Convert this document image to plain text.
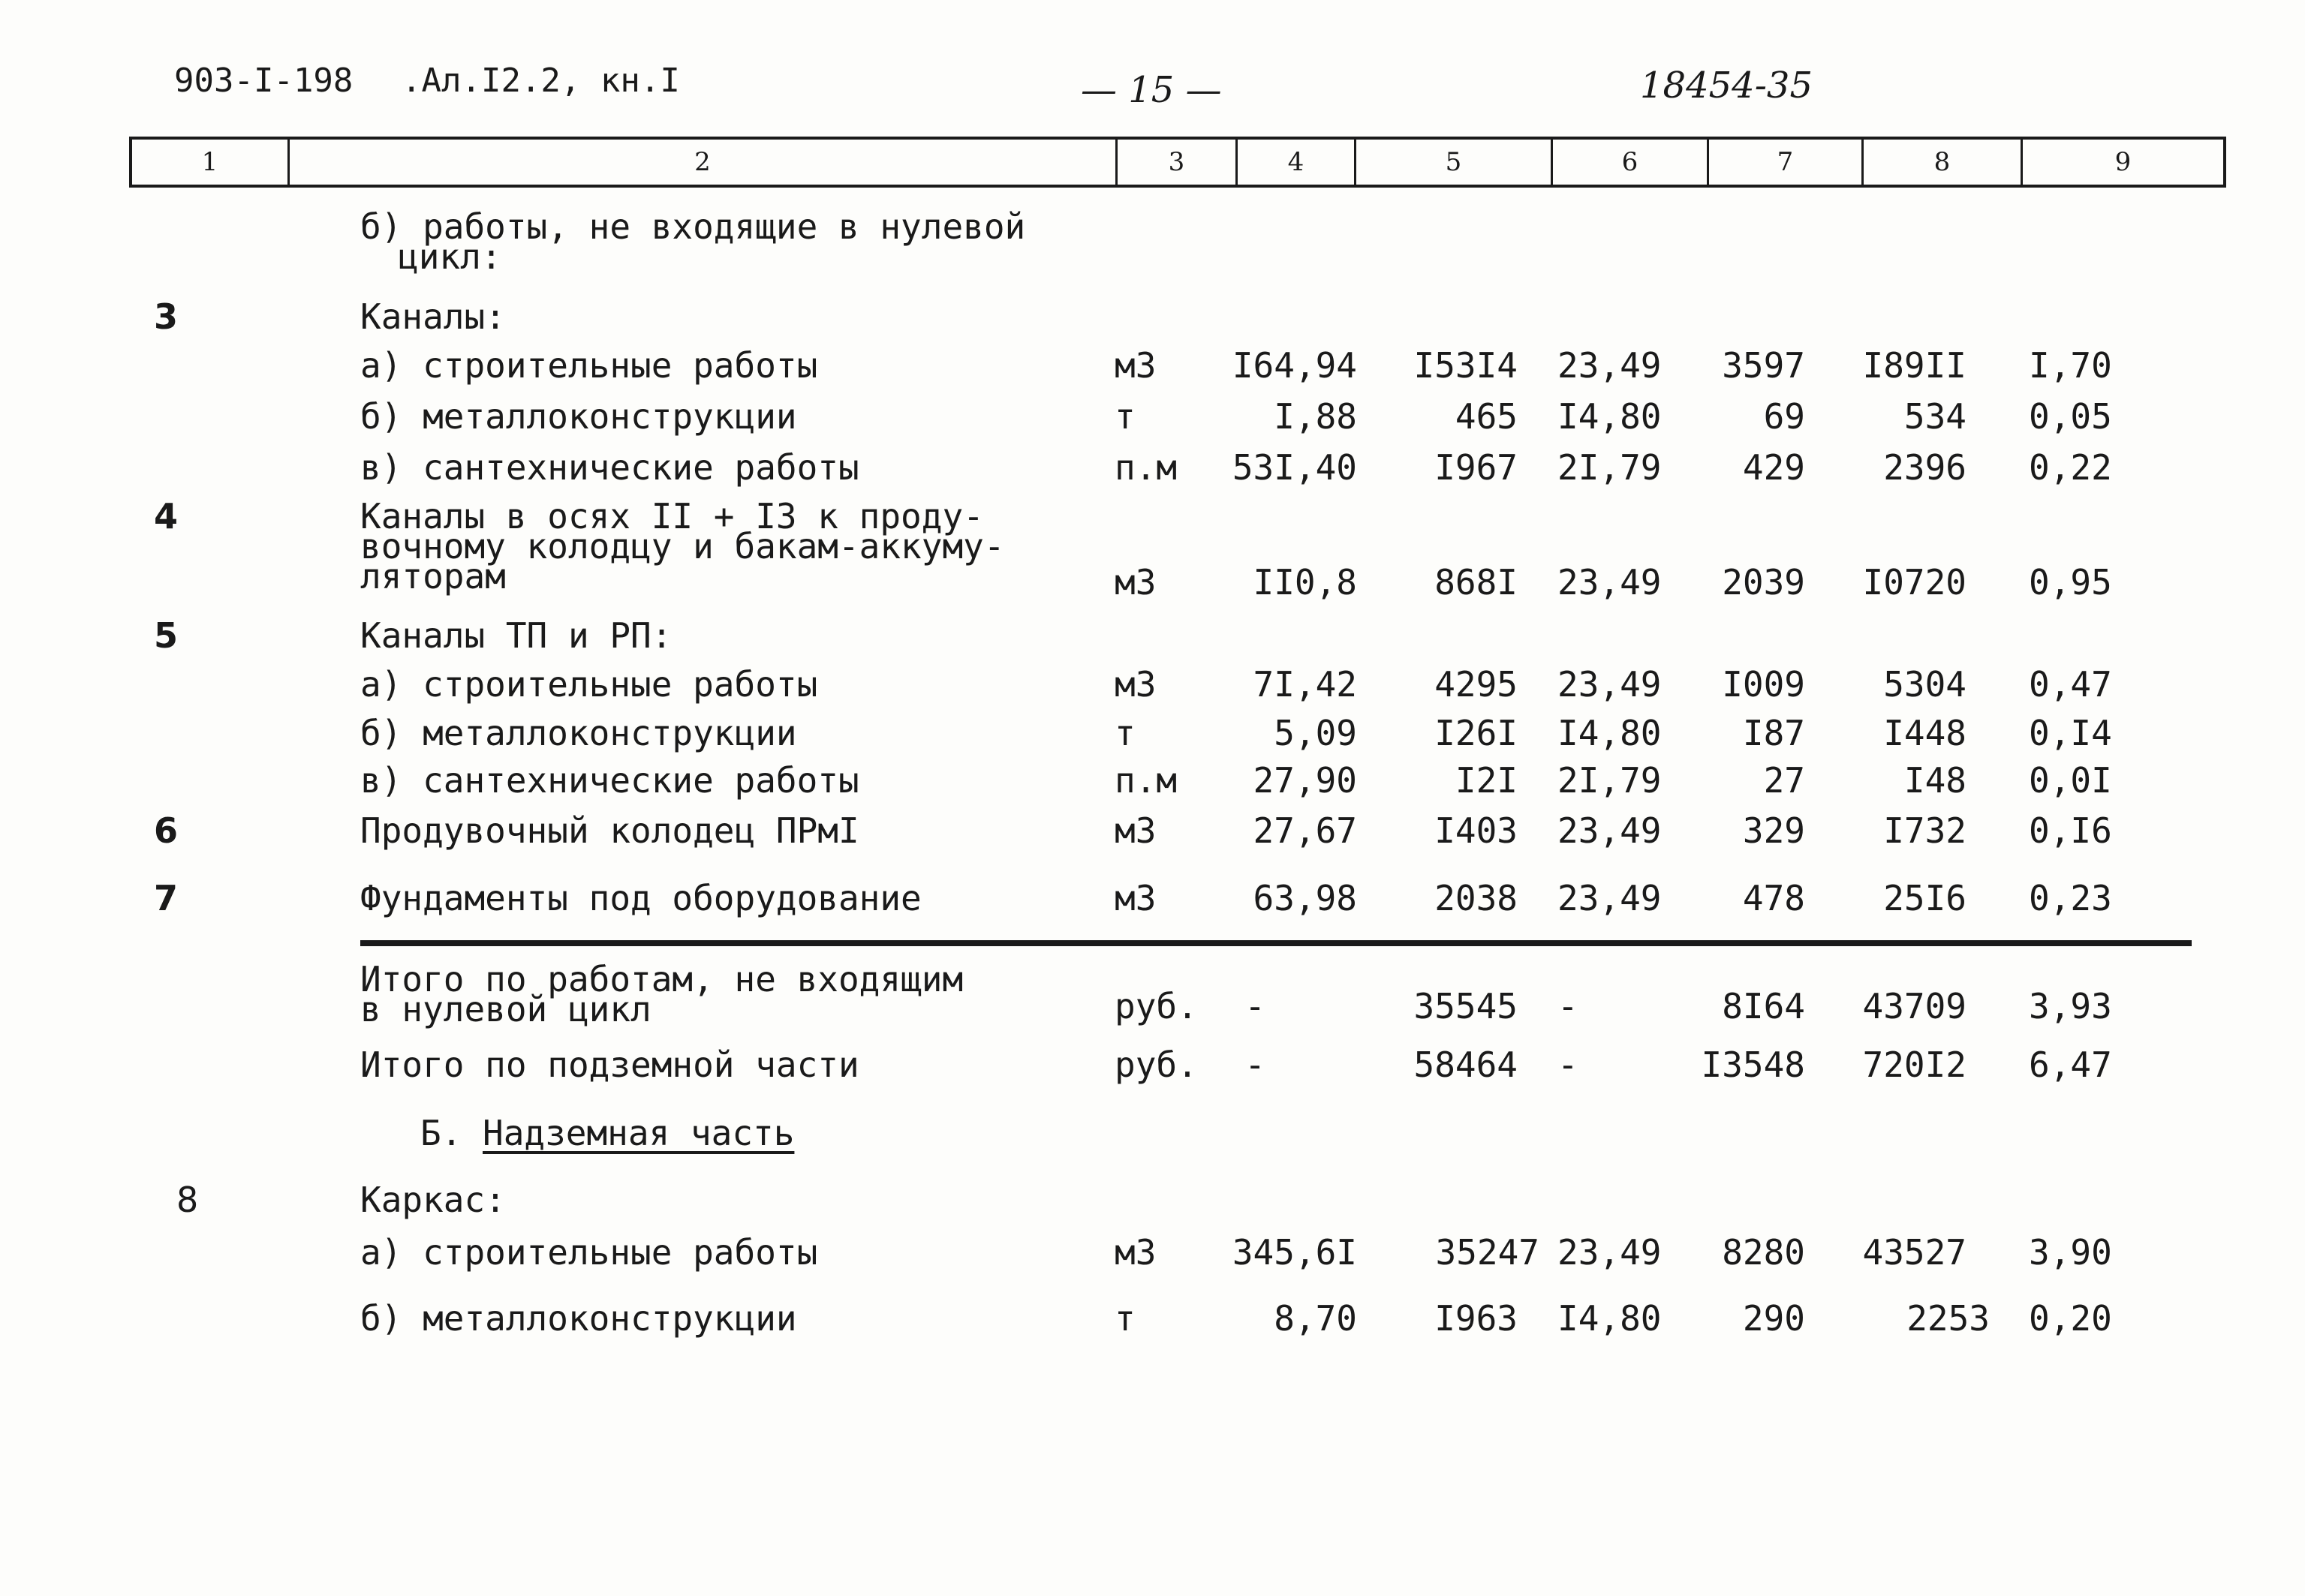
903-I-198 .Ал.I2.2, кн.I	— 15 —	18454-35
1	2	3	4	5	6	7	8	9
б) работы, не входящие в нулевой
цикл:
3	Каналы:
а) строительные работы	м3 I64,94 I53I4 23,49 3597 I89II I,70
б) металлоконструкции	т	I,88	465 I4,80	69	534 0,05
в) сантехнические работы	п.м 53I,40 I967 2I,79 429 2396 0,22
4	Каналы в осях II + I3 к проду-
вочному колодцу и бакам-аккуму-
ляторам	м3	II0,8 868I 23,49 2039 I0720 0,95
5	Каналы ТП и РП:
а) строительные работы	м3	7I,42 4295 23,49 I009 5304 0,47
б) металлоконструкции	т	5,09 I26I I4,80 I87 I448 0,I4
в) сантехнические работы	п.м 27,90	I2I 2I,79	27	I48 0,0I
6	Продувочный колодец ПРмI	м3	27,67 I403 23,49 329 I732 0,I6
7	Фундаменты под оборудование	м3	63,98 2038 23,49 478 25I6 0,23
Итого по работам, не входящим
в нулевой цикл	руб. -	35545 -	8I64 43709 3,93
Итого по подземной части	руб. -	58464 -	I3548 720I2 6,47
Б. Надземная часть
8	Каркас:
а) строительные работы	м3 345,6I 35247 23,49 8280 43527 3,90
б) металлоконструкции	т	8,70 I963 I4,80 290	2253 0,20
